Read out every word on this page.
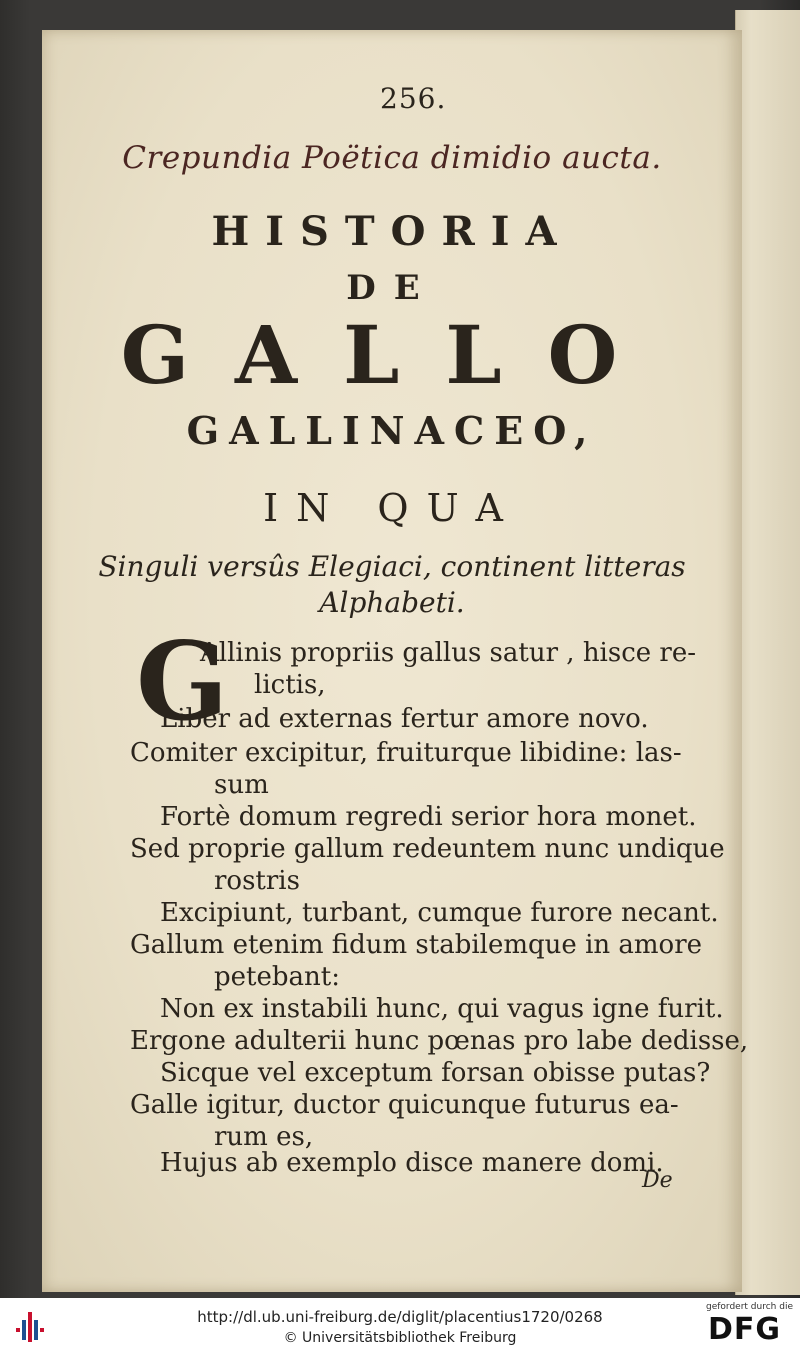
256.
Crepundia Poëtica dimidio aucta.
HISTORIA
DE
GALLO
GALLINACEO,
IN QUA
Singuli versûs Elegiaci, continent litteras
Alphabeti.
G
Allinis propriis gallus satur , hisce re-
lictis,
Liber ad externas fertur amore novo.
Comiter excipitur, fruiturque libidine: las-
sum
Fortè domum regredi serior hora monet.
Sed proprie gallum redeuntem nunc undique
rostris
Excipiunt, turbant, cumque furore necant.
Gallum etenim fidum stabilemque in amore
petebant:
Non ex instabili hunc, qui vagus igne furit.
Ergone adulterii hunc pœnas pro labe dedisse,
Sicque vel exceptum forsan obisse putas?
Galle igitur, ductor quicunque futurus ea-
rum es,
Hujus ab exemplo disce manere domi.
De
http://dl.ub.uni-freiburg.de/diglit/placentius1720/0268
© Universitätsbibliothek Freiburg
gefordert durch die
DFG
